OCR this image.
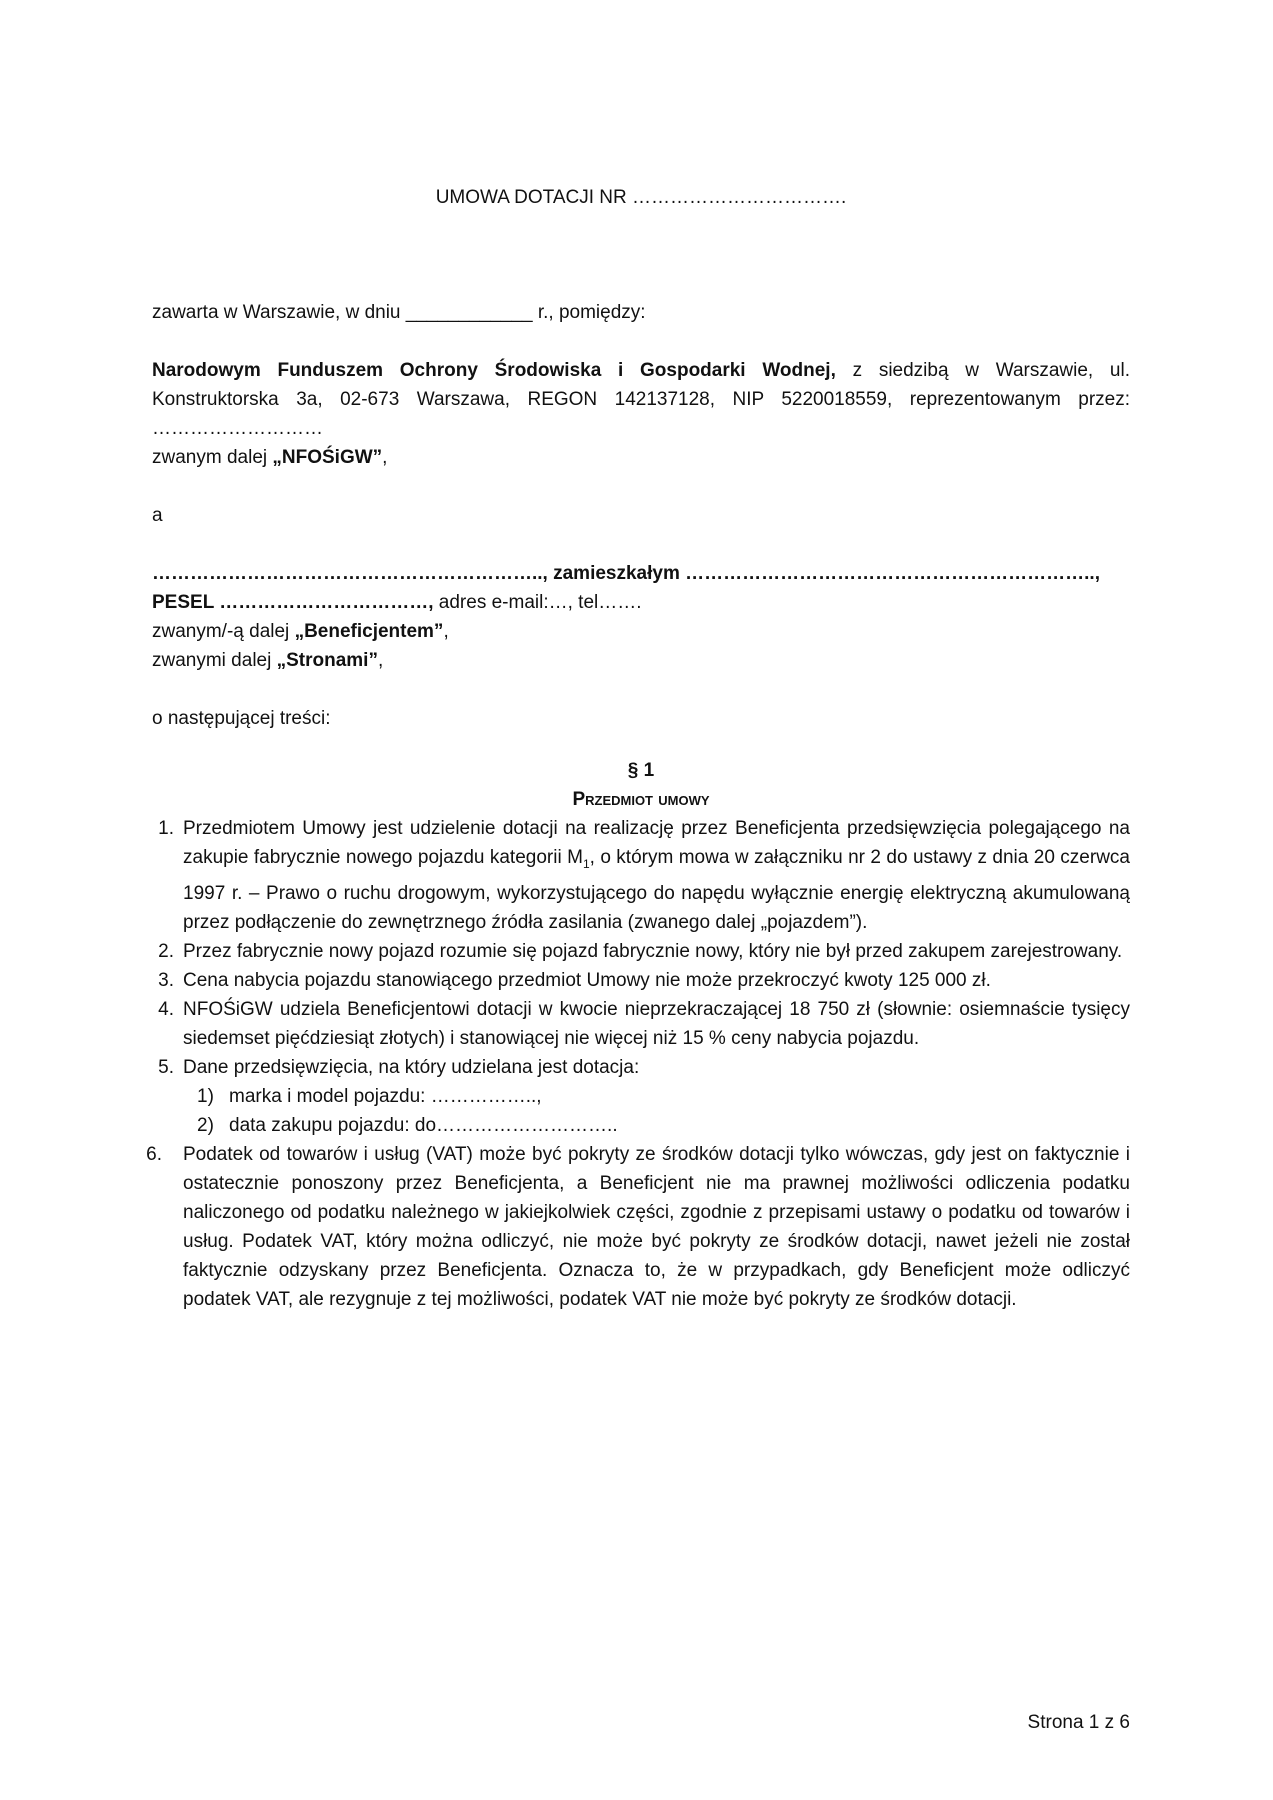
UMOWA DOTACJI NR …………………………….

zawarta w Warszawie, w dniu ____________ r., pomiędzy:

Narodowym Funduszem Ochrony Środowiska i Gospodarki Wodnej, z siedzibą w Warszawie, ul. Konstruktorska 3a, 02-673 Warszawa, REGON 142137128, NIP 5220018559, reprezentowanym przez: ………………………

zwanym dalej „NFOŚiGW”,

a

…………………………………………………….., zamieszkałym ………………………………………………………..,

PESEL ……………………………, adres e-mail:…, tel…….

zwanym/-ą dalej „Beneficjentem”,

zwanymi dalej „Stronami”,

o następującej treści:

§ 1
Przedmiot umowy
1. Przedmiotem Umowy jest udzielenie dotacji na realizację przez Beneficjenta przedsięwzięcia polegającego na zakupie fabrycznie nowego pojazdu kategorii $M_1$, o którym mowa w załączniku nr 2 do ustawy z dnia 20 czerwca 1997 r. – Prawo o ruchu drogowym, wykorzystującego do napędu wyłącznie energię elektryczną akumulowaną przez podłączenie do zewnętrznego źródła zasilania (zwanego dalej „pojazdem”).
2. Przez fabrycznie nowy pojazd rozumie się pojazd fabrycznie nowy, który nie był przed zakupem zarejestrowany.
3. Cena nabycia pojazdu stanowiącego przedmiot Umowy nie może przekroczyć kwoty 125 000 zł.
4. NFOŚiGW udziela Beneficjentowi dotacji w kwocie nieprzekraczającej 18 750 zł (słownie: osiemnaście tysięcy siedemset pięćdziesiąt złotych) i stanowiącej nie więcej niż 15 % ceny nabycia pojazdu.
5. Dane przedsięwzięcia, na który udzielana jest dotacja:
1) marka i model pojazdu: ……………..,
2) data zakupu pojazdu: do………………………..
6. Podatek od towarów i usług (VAT) może być pokryty ze środków dotacji tylko wówczas, gdy jest on faktycznie i ostatecznie ponoszony przez Beneficjenta, a Beneficjent nie ma prawnej możliwości odliczenia podatku naliczonego od podatku należnego w jakiejkolwiek części, zgodnie z przepisami ustawy o podatku od towarów i usług. Podatek VAT, który można odliczyć, nie może być pokryty ze środków dotacji, nawet jeżeli nie został faktycznie odzyskany przez Beneficjenta. Oznacza to, że w przypadkach, gdy Beneficjent może odliczyć podatek VAT, ale rezygnuje z tej możliwości, podatek VAT nie może być pokryty ze środków dotacji.
Strona 1 z 6
